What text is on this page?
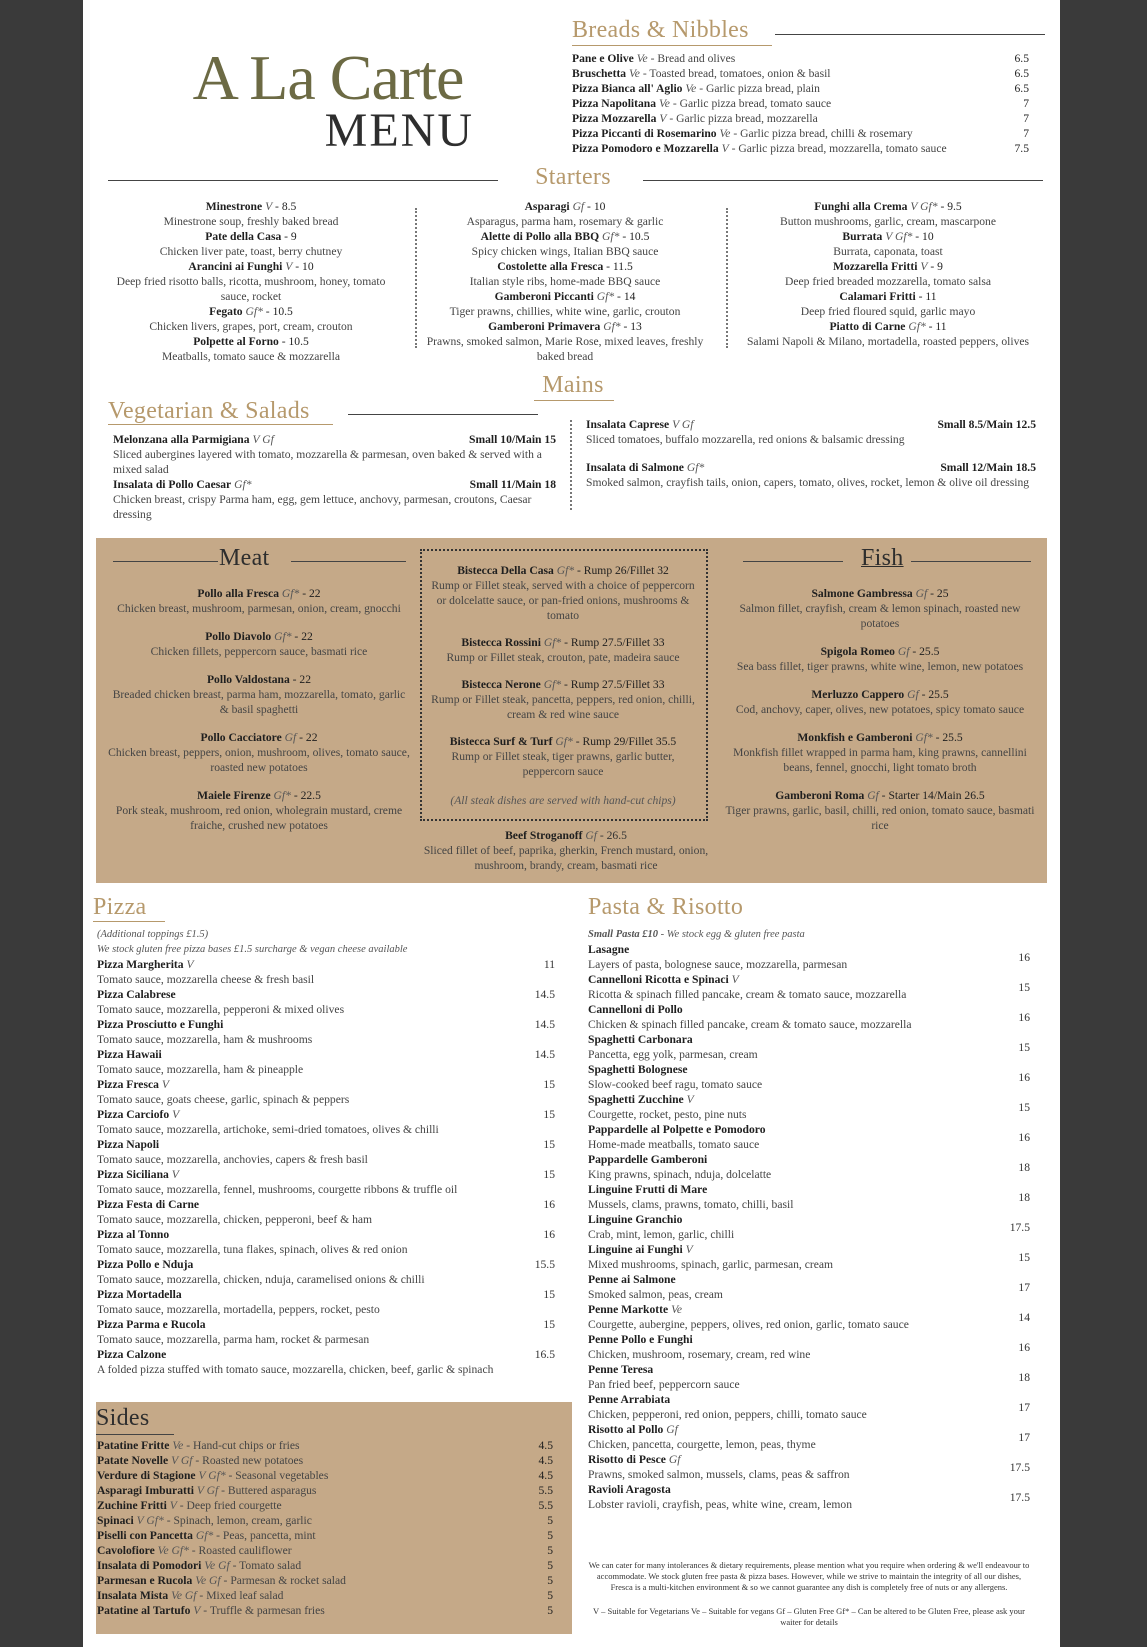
A La Carte
MENU
Breads & Nibbles
Pane e Olive Ve - Bread and olives	6.5
Bruschetta Ve - Toasted bread, tomatoes, onion & basil	6.5
Pizza Bianca all' Aglio Ve - Garlic pizza bread, plain	6.5
Pizza Napolitana Ve - Garlic pizza bread, tomato sauce	7
Pizza Mozzarella V - Garlic pizza bread, mozzarella	7
Pizza Piccanti di Rosemarino Ve - Garlic pizza bread, chilli & rosemary	7
Pizza Pomodoro e Mozzarella V - Garlic pizza bread, mozzarella, tomato sauce	7.5
Starters
Minestrone V - 8.5
Minestrone soup, freshly baked bread
Pate della Casa - 9
Chicken liver pate, toast, berry chutney
Arancini ai Funghi V - 10
Deep fried risotto balls, ricotta, mushroom, honey, tomato sauce, rocket
Fegato Gf* - 10.5
Chicken livers, grapes, port, cream, crouton
Polpette al Forno - 10.5
Meatballs, tomato sauce & mozzarella
Asparagi Gf - 10
Asparagus, parma ham, rosemary & garlic
Alette di Pollo alla BBQ Gf* - 10.5
Spicy chicken wings, Italian BBQ sauce
Costolette alla Fresca - 11.5
Italian style ribs, home-made BBQ sauce
Gamberoni Piccanti Gf* - 14
Tiger prawns, chillies, white wine, garlic, crouton
Gamberoni Primavera Gf* - 13
Prawns, smoked salmon, Marie Rose, mixed leaves, freshly baked bread
Funghi alla Crema V Gf* - 9.5
Button mushrooms, garlic, cream, mascarpone
Burrata V Gf* - 10
Burrata, caponata, toast
Mozzarella Fritti V - 9
Deep fried breaded mozzarella, tomato salsa
Calamari Fritti - 11
Deep fried floured squid, garlic mayo
Piatto di Carne Gf* - 11
Salami Napoli & Milano, mortadella, roasted peppers, olives
Mains
Vegetarian & Salads
Melonzana alla Parmigiana V Gf	Small 10/Main 15
Sliced aubergines layered with tomato, mozzarella & parmesan, oven baked & served with a mixed salad
Insalata di Pollo Caesar Gf*	Small 11/Main 18
Chicken breast, crispy Parma ham, egg, gem lettuce, anchovy, parmesan, croutons, Caesar dressing
Insalata Caprese V Gf	Small 8.5/Main 12.5
Sliced tomatoes, buffalo mozzarella, red onions & balsamic dressing
Insalata di Salmone Gf*	Small 12/Main 18.5
Smoked salmon, crayfish tails, onion, capers, tomato, olives, rocket, lemon & olive oil dressing
Meat
Pollo alla Fresca Gf* - 22
Chicken breast, mushroom, parmesan, onion, cream, gnocchi
Pollo Diavolo Gf* - 22
Chicken fillets, peppercorn sauce, basmati rice
Pollo Valdostana - 22
Breaded chicken breast, parma ham, mozzarella, tomato, garlic & basil spaghetti
Pollo Cacciatore Gf - 22
Chicken breast, peppers, onion, mushroom, olives, tomato sauce, roasted new potatoes
Maiele Firenze Gf* - 22.5
Pork steak, mushroom, red onion, wholegrain mustard, creme fraiche, crushed new potatoes
Bistecca Della Casa Gf* - Rump 26/Fillet 32
Rump or Fillet steak, served with a choice of peppercorn or dolcelatte sauce, or pan-fried onions, mushrooms & tomato
Bistecca Rossini Gf* - Rump 27.5/Fillet 33
Rump or Fillet steak, crouton, pate, madeira sauce
Bistecca Nerone Gf* - Rump 27.5/Fillet 33
Rump or Fillet steak, pancetta, peppers, red onion, chilli, cream & red wine sauce
Bistecca Surf & Turf Gf* - Rump 29/Fillet 35.5
Rump or Fillet steak, tiger prawns, garlic butter, peppercorn sauce
(All steak dishes are served with hand-cut chips)
Beef Stroganoff Gf - 26.5
Sliced fillet of beef, paprika, gherkin, French mustard, onion, mushroom, brandy, cream, basmati rice
Fish
Salmone Gambressa Gf - 25
Salmon fillet, crayfish, cream & lemon spinach, roasted new potatoes
Spigola Romeo Gf - 25.5
Sea bass fillet, tiger prawns, white wine, lemon, new potatoes
Merluzzo Cappero Gf - 25.5
Cod, anchovy, caper, olives, new potatoes, spicy tomato sauce
Monkfish e Gamberoni Gf* - 25.5
Monkfish fillet wrapped in parma ham, king prawns, cannellini beans, fennel, gnocchi, light tomato broth
Gamberoni Roma Gf - Starter 14/Main 26.5
Tiger prawns, garlic, basil, chilli, red onion, tomato sauce, basmati rice
Pizza
(Additional toppings £1.5)
We stock gluten free pizza bases £1.5 surcharge & vegan cheese available
Pizza Margherita V	11
Tomato sauce, mozzarella cheese & fresh basil
Pizza Calabrese	14.5
Tomato sauce, mozzarella, pepperoni & mixed olives
Pizza Prosciutto e Funghi	14.5
Tomato sauce, mozzarella, ham & mushrooms
Pizza Hawaii	14.5
Tomato sauce, mozzarella, ham & pineapple
Pizza Fresca V	15
Tomato sauce, goats cheese, garlic, spinach & peppers
Pizza Carciofo V	15
Tomato sauce, mozzarella, artichoke, semi-dried tomatoes, olives & chilli
Pizza Napoli	15
Tomato sauce, mozzarella, anchovies, capers & fresh basil
Pizza Siciliana V	15
Tomato sauce, mozzarella, fennel, mushrooms, courgette ribbons & truffle oil
Pizza Festa di Carne	16
Tomato sauce, mozzarella, chicken, pepperoni, beef & ham
Pizza al Tonno	16
Tomato sauce, mozzarella, tuna flakes, spinach, olives & red onion
Pizza Pollo e Nduja	15.5
Tomato sauce, mozzarella, chicken, nduja, caramelised onions & chilli
Pizza Mortadella	15
Tomato sauce, mozzarella, mortadella, peppers, rocket, pesto
Pizza Parma e Rucola	15
Tomato sauce, mozzarella, parma ham, rocket & parmesan
Pizza Calzone	16.5
A folded pizza stuffed with tomato sauce, mozzarella, chicken, beef, garlic & spinach
Sides
Patatine Fritte Ve - Hand-cut chips or fries	4.5
Patate Novelle V Gf - Roasted new potatoes	4.5
Verdure di Stagione V Gf* - Seasonal vegetables	4.5
Asparagi Imburatti V Gf - Buttered asparagus	5.5
Zuchine Fritti V - Deep fried courgette	5.5
Spinaci V Gf* - Spinach, lemon, cream, garlic	5
Piselli con Pancetta Gf* - Peas, pancetta, mint	5
Cavolofiore Ve Gf* - Roasted cauliflower	5
Insalata di Pomodori Ve Gf - Tomato salad	5
Parmesan e Rucola Ve Gf - Parmesan & rocket salad	5
Insalata Mista Ve Gf - Mixed leaf salad	5
Patatine al Tartufo V - Truffle & parmesan fries	5
Pasta & Risotto
Small Pasta £10 - We stock egg & gluten free pasta
Lasagne
Layers of pasta, bolognese sauce, mozzarella, parmesan
16
Cannelloni Ricotta e Spinaci V
Ricotta & spinach filled pancake, cream & tomato sauce, mozzarella
15
Cannelloni di Pollo
Chicken & spinach filled pancake, cream & tomato sauce, mozzarella
16
Spaghetti Carbonara
Pancetta, egg yolk, parmesan, cream
15
Spaghetti Bolognese
Slow-cooked beef ragu, tomato sauce
16
Spaghetti Zucchine V
Courgette, rocket, pesto, pine nuts
15
Pappardelle al Polpette e Pomodoro
Home-made meatballs, tomato sauce
16
Pappardelle Gamberoni
King prawns, spinach, nduja, dolcelatte
18
Linguine Frutti di Mare
Mussels, clams, prawns, tomato, chilli, basil
18
Linguine Granchio
Crab, mint, lemon, garlic, chilli
17.5
Linguine ai Funghi V
Mixed mushrooms, spinach, garlic, parmesan, cream
15
Penne ai Salmone
Smoked salmon, peas, cream
17
Penne Markotte Ve
Courgette, aubergine, peppers, olives, red onion, garlic, tomato sauce
14
Penne Pollo e Funghi
Chicken, mushroom, rosemary, cream, red wine
16
Penne Teresa
Pan fried beef, peppercorn sauce
18
Penne Arrabiata
Chicken, pepperoni, red onion, peppers, chilli, tomato sauce
17
Risotto al Pollo Gf
Chicken, pancetta, courgette, lemon, peas, thyme
17
Risotto di Pesce Gf
Prawns, smoked salmon, mussels, clams, peas & saffron
17.5
Ravioli Aragosta
Lobster ravioli, crayfish, peas, white wine, cream, lemon
17.5
We can cater for many intolerances & dietary requirements, please mention what you require when ordering & we'll endeavour to accommodate. We stock gluten free pasta & pizza bases. However, while we strive to maintain the integrity of all our dishes, Fresca is a multi-kitchen environment & so we cannot guarantee any dish is completely free of nuts or any allergens.
V – Suitable for Vegetarians Ve – Suitable for vegans Gf – Gluten Free Gf* – Can be altered to be Gluten Free, please ask your waiter for details
